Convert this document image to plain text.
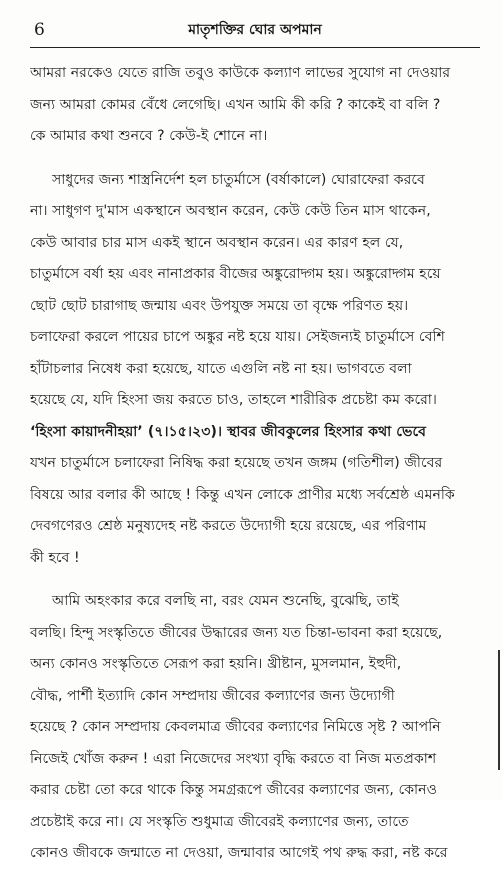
6	মাতৃশক্তির ঘোর অপমান
আমরা নরকেও যেতে রাজি তবুও কাউকে কল্যাণ লাভের সুযোগ না দেওয়ার
জন্য আমরা কোমর বেঁধে লেগেছি। এখন আমি কী করি ? কাকেই বা বলি ?
কে আমার কথা শুনবে ? কেউ-ই শোনে না।
সাধুদের জন্য শাস্ত্রনির্দেশ হল চাতুর্মাসে (বর্ষাকালে) ঘোরাফেরা করবে
না। সাধুগণ দু'মাস একস্থানে অবস্থান করেন, কেউ কেউ তিন মাস থাকেন,
কেউ আবার চার মাস একই স্থানে অবস্থান করেন। এর কারণ হল যে,
চাতুর্মাসে বর্ষা হয় এবং নানাপ্রকার বীজের অঙ্কুরোদ্গম হয়। অঙ্কুরোদ্গম হয়ে
ছোট ছোট চারাগাছ জন্মায় এবং উপযুক্ত সময়ে তা বৃক্ষে পরিণত হয়।
চলাফেরা করলে পায়ের চাপে অঙ্কুর নষ্ট হয়ে যায়। সেইজন্যই চাতুর্মাসে বেশি
হাঁটাচলার নিষেধ করা হয়েছে, যাতে এগুলি নষ্ট না হয়। ভাগবতে বলা
হয়েছে যে, যদি হিংসা জয় করতে চাও, তাহলে শারীরিক প্রচেষ্টা কম করো।
‘হিংসা কায়াদনীহয়া’ (৭।১৫।২৩)। স্থাবর জীবকুলের হিংসার কথা ভেবে
যখন চাতুর্মাসে চলাফেরা নিষিদ্ধ করা হয়েছে তখন জঙ্গম (গতিশীল) জীবের
বিষয়ে আর বলার কী আছে ! কিন্তু এখন লোকে প্রাণীর মধ্যে সর্বশ্রেষ্ঠ এমনকি
দেবগণেরও শ্রেষ্ঠ মনুষ্যদেহ নষ্ট করতে উদ্যোগী হয়ে রয়েছে, এর পরিণাম
কী হবে !
আমি অহংকার করে বলছি না, বরং যেমন শুনেছি, বুঝেছি, তাই
বলছি। হিন্দু সংস্কৃতিতে জীবের উদ্ধারের জন্য যত চিন্তা-ভাবনা করা হয়েছে,
অন্য কোনও সংস্কৃতিতে সেরূপ করা হয়নি। খ্রীষ্টান, মুসলমান, ইহুদী,
বৌদ্ধ, পার্শী ইত্যাদি কোন সম্প্রদায় জীবের কল্যাণের জন্য উদ্যোগী
হয়েছে ? কোন সম্প্রদায় কেবলমাত্র জীবের কল্যাণের নিমিত্তে সৃষ্ট ? আপনি
নিজেই খোঁজ করুন ! এরা নিজেদের সংখ্যা বৃদ্ধি করতে বা নিজ মতপ্রকাশ
করার চেষ্টা তো করে থাকে কিন্তু সমগ্ররূপে জীবের কল্যাণের জন্য, কোনও
প্রচেষ্টাই করে না। যে সংস্কৃতি শুধুমাত্র জীবেরই কল্যাণের জন্য, তাতে
কোনও জীবকে জন্মাতে না দেওয়া, জন্মাবার আগেই পথ রুদ্ধ করা, নষ্ট করে
